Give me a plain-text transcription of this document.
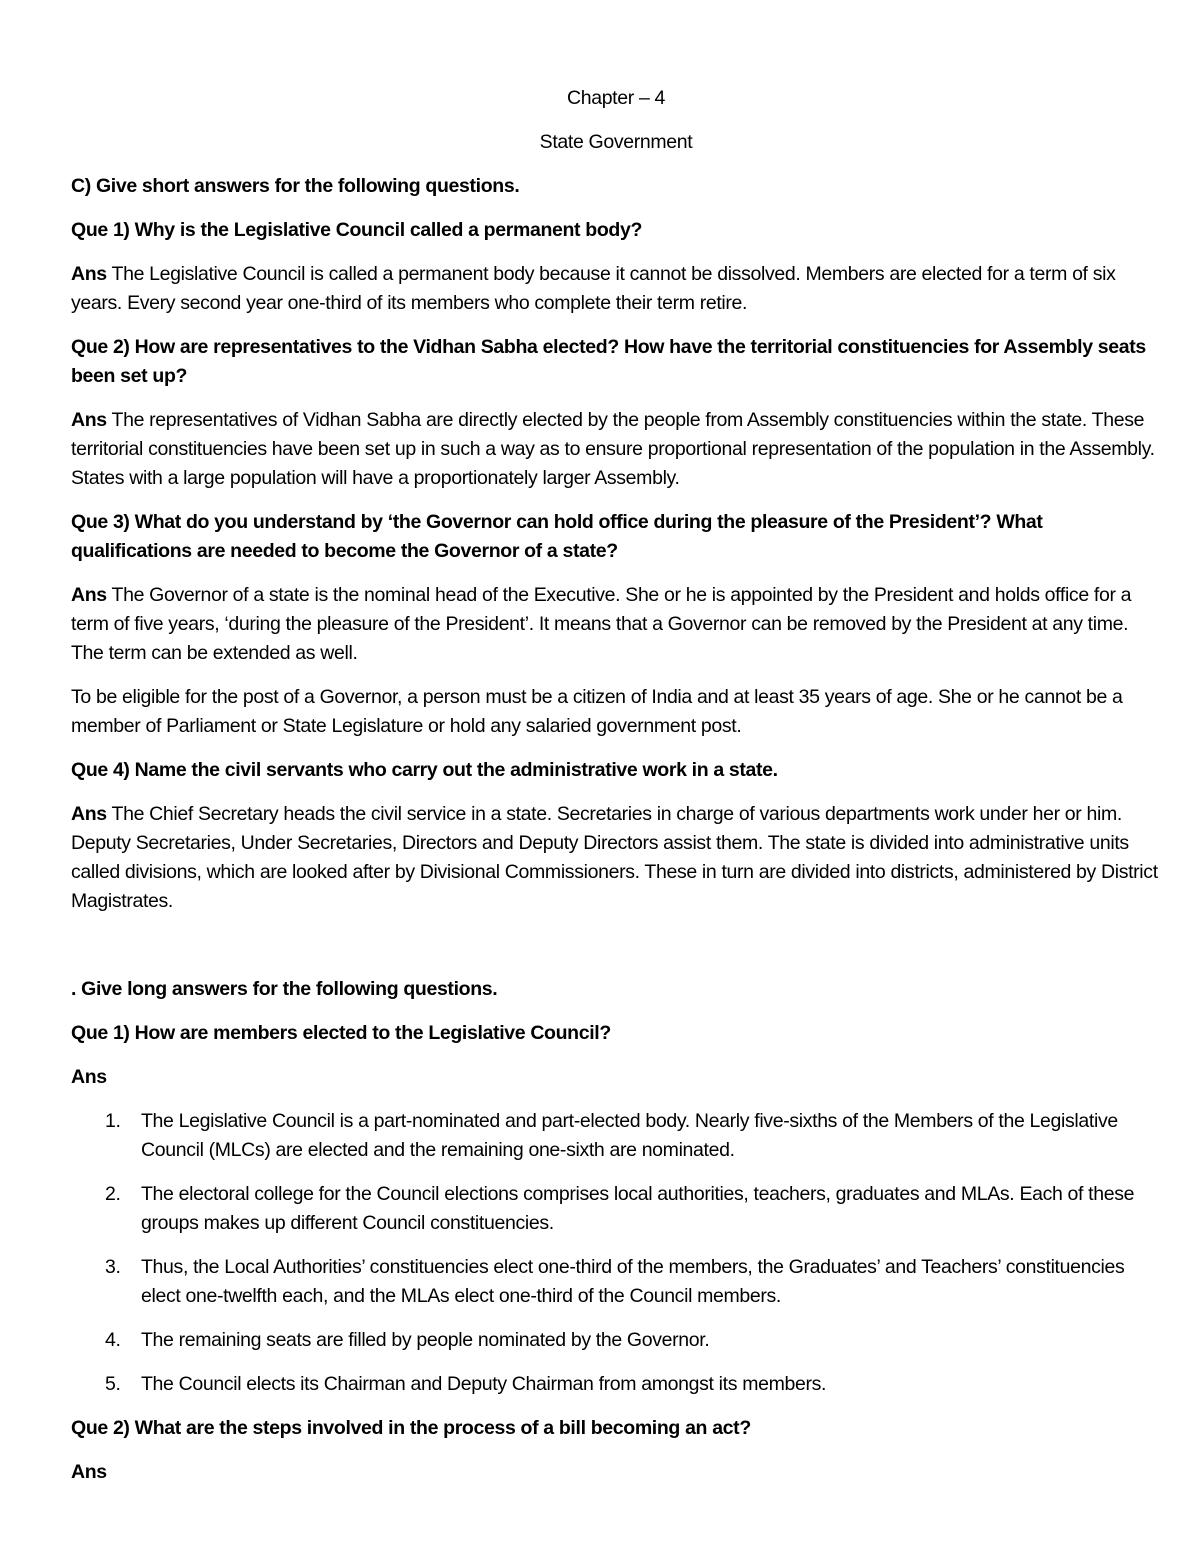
Chapter – 4

State Government

C) Give short answers for the following questions.

Que 1) Why is the Legislative Council called a permanent body?

Ans The Legislative Council is called a permanent body because it cannot be dissolved. Members are elected for a term of six years. Every second year one-third of its members who complete their term retire.

Que 2) How are representatives to the Vidhan Sabha elected? How have the territorial constituencies for Assembly seats been set up?

Ans The representatives of Vidhan Sabha are directly elected by the people from Assembly constituencies within the state. These territorial constituencies have been set up in such a way as to ensure proportional representation of the population in the Assembly. States with a large population will have a proportionately larger Assembly.

Que 3) What do you understand by ‘the Governor can hold office during the pleasure of the President’? What qualifications are needed to become the Governor of a state?

Ans The Governor of a state is the nominal head of the Executive. She or he is appointed by the President and holds office for a term of five years, ‘during the pleasure of the President’. It means that a Governor can be removed by the President at any time. The term can be extended as well.

To be eligible for the post of a Governor, a person must be a citizen of India and at least 35 years of age. She or he cannot be a member of Parliament or State Legislature or hold any salaried government post.

Que 4) Name the civil servants who carry out the administrative work in a state.

Ans The Chief Secretary heads the civil service in a state. Secretaries in charge of various departments work under her or him. Deputy Secretaries, Under Secretaries, Directors and Deputy Directors assist them. The state is divided into administrative units called divisions, which are looked after by Divisional Commissioners. These in turn are divided into districts, administered by District Magistrates.

. Give long answers for the following questions.

Que 1) How are members elected to the Legislative Council?

Ans

1. The Legislative Council is a part-nominated and part-elected body. Nearly five-sixths of the Members of the Legislative Council (MLCs) are elected and the remaining one-sixth are nominated.
2. The electoral college for the Council elections comprises local authorities, teachers, graduates and MLAs. Each of these groups makes up different Council constituencies.
3. Thus, the Local Authorities’ constituencies elect one-third of the members, the Graduates’ and Teachers’ constituencies elect one-twelfth each, and the MLAs elect one-third of the Council members.
4. The remaining seats are filled by people nominated by the Governor.
5. The Council elects its Chairman and Deputy Chairman from amongst its members.

Que 2) What are the steps involved in the process of a bill becoming an act?

Ans
